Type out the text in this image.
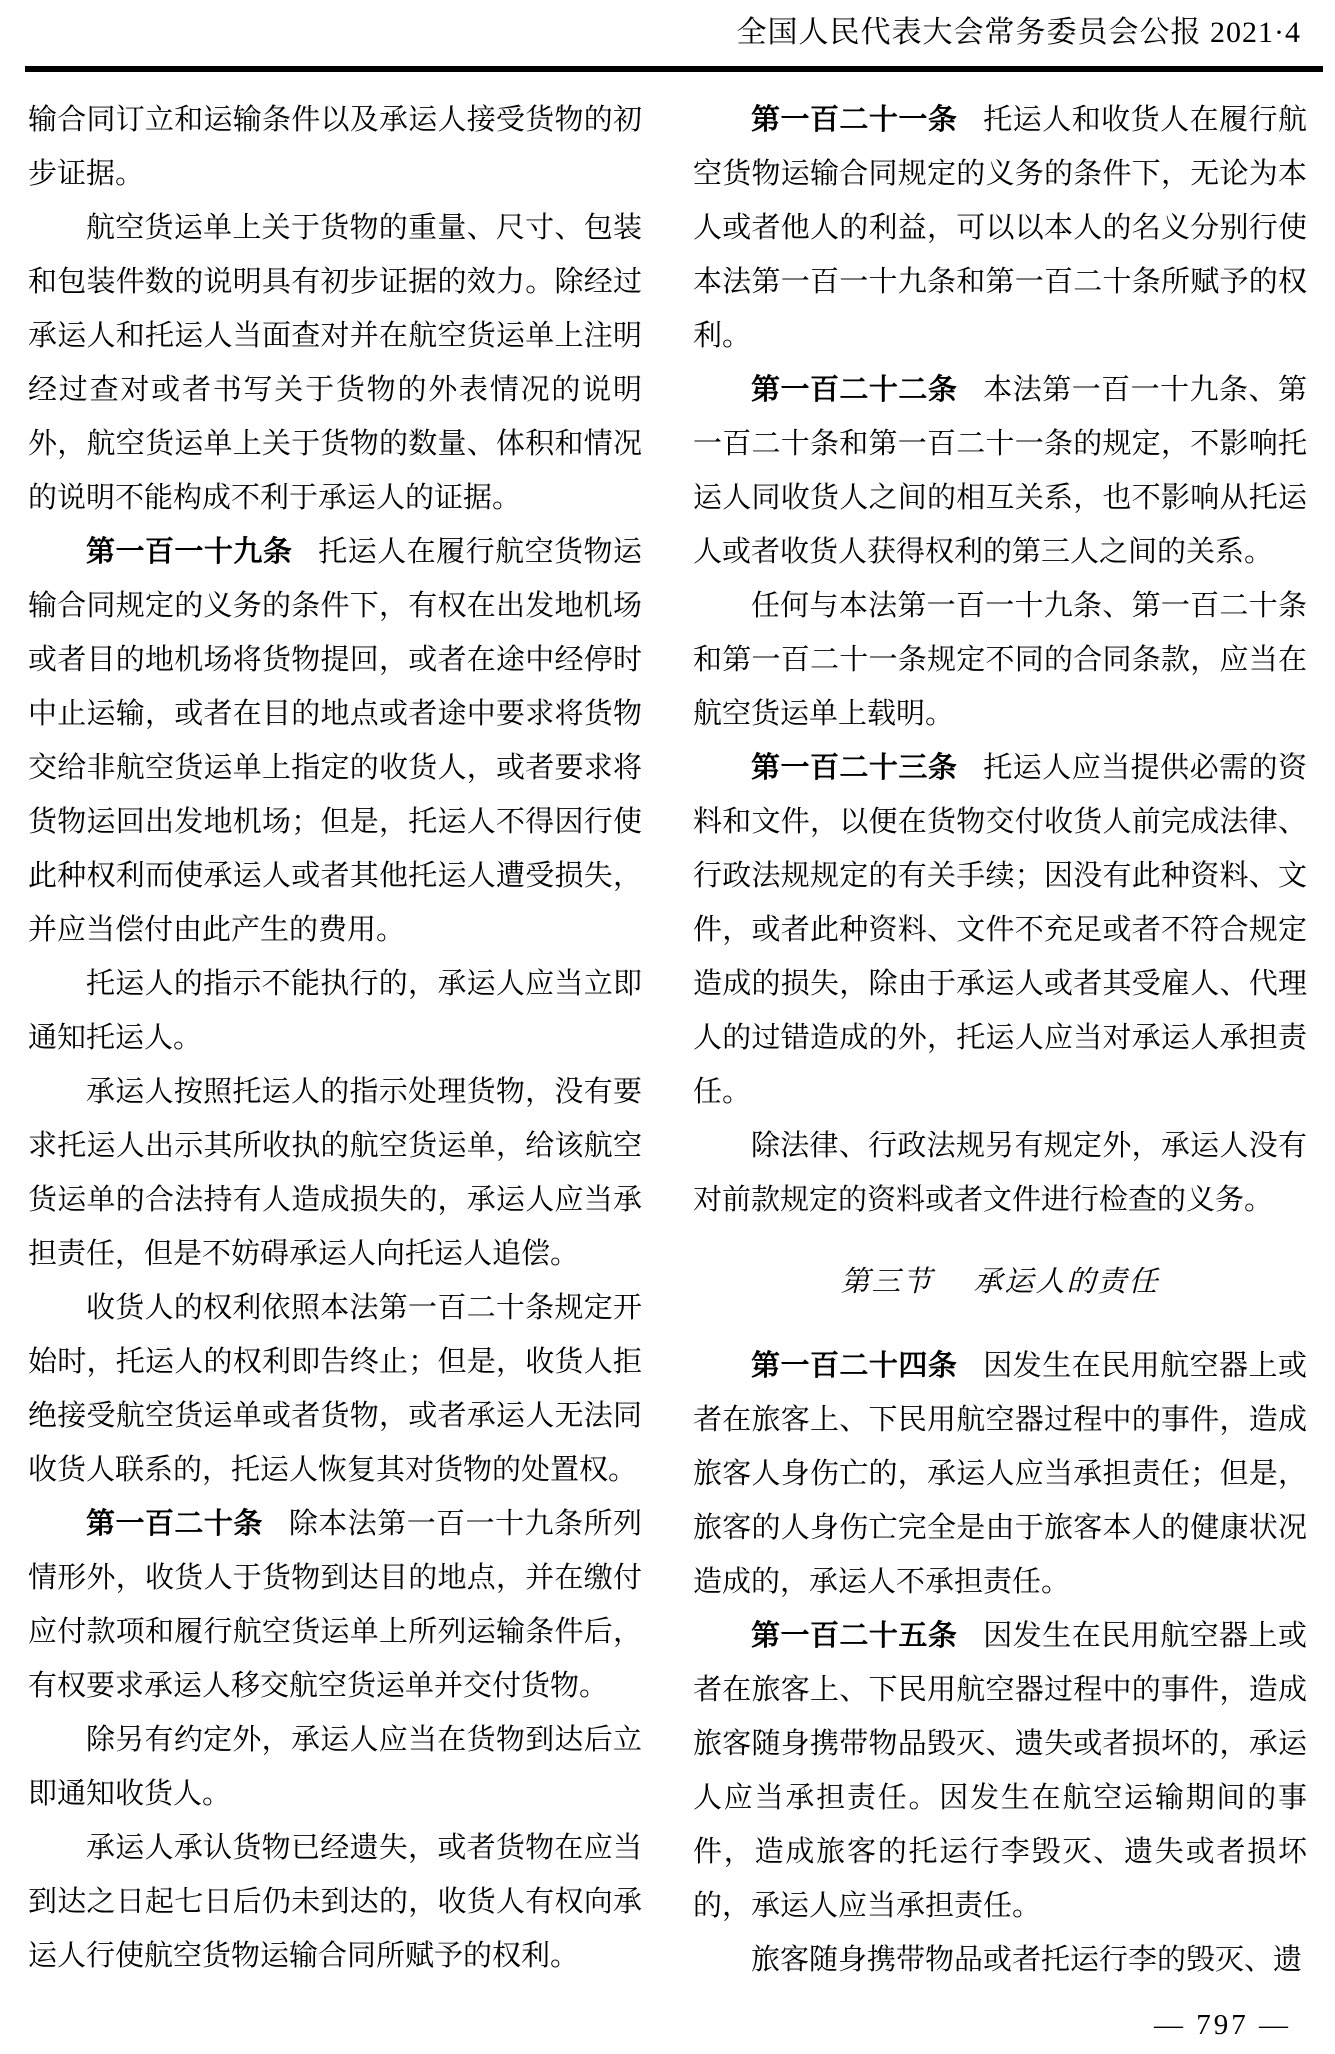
全国人民代表大会常务委员会公报 2021·4

输合同订立和运输条件以及承运人接受货物的初步证据。

航空货运单上关于货物的重量、尺寸、包装和包装件数的说明具有初步证据的效力。除经过承运人和托运人当面查对并在航空货运单上注明经过查对或者书写关于货物的外表情况的说明外，航空货运单上关于货物的数量、体积和情况的说明不能构成不利于承运人的证据。

第一百一十九条 托运人在履行航空货物运输合同规定的义务的条件下，有权在出发地机场或者目的地机场将货物提回，或者在途中经停时中止运输，或者在目的地点或者途中要求将货物交给非航空货运单上指定的收货人，或者要求将货物运回出发地机场；但是，托运人不得因行使此种权利而使承运人或者其他托运人遭受损失，并应当偿付由此产生的费用。

托运人的指示不能执行的，承运人应当立即通知托运人。

承运人按照托运人的指示处理货物，没有要求托运人出示其所收执的航空货运单，给该航空货运单的合法持有人造成损失的，承运人应当承担责任，但是不妨碍承运人向托运人追偿。

收货人的权利依照本法第一百二十条规定开始时，托运人的权利即告终止；但是，收货人拒绝接受航空货运单或者货物，或者承运人无法同收货人联系的，托运人恢复其对货物的处置权。

第一百二十条 除本法第一百一十九条所列情形外，收货人于货物到达目的地点，并在缴付应付款项和履行航空货运单上所列运输条件后，有权要求承运人移交航空货运单并交付货物。

除另有约定外，承运人应当在货物到达后立即通知收货人。

承运人承认货物已经遗失，或者货物在应当到达之日起七日后仍未到达的，收货人有权向承运人行使航空货物运输合同所赋予的权利。

第一百二十一条 托运人和收货人在履行航空货物运输合同规定的义务的条件下，无论为本人或者他人的利益，可以以本人的名义分别行使本法第一百一十九条和第一百二十条所赋予的权利。

第一百二十二条 本法第一百一十九条、第一百二十条和第一百二十一条的规定，不影响托运人同收货人之间的相互关系，也不影响从托运人或者收货人获得权利的第三人之间的关系。

任何与本法第一百一十九条、第一百二十条和第一百二十一条规定不同的合同条款，应当在航空货运单上载明。

第一百二十三条 托运人应当提供必需的资料和文件，以便在货物交付收货人前完成法律、行政法规规定的有关手续；因没有此种资料、文件，或者此种资料、文件不充足或者不符合规定造成的损失，除由于承运人或者其受雇人、代理人的过错造成的外，托运人应当对承运人承担责任。

除法律、行政法规另有规定外，承运人没有对前款规定的资料或者文件进行检查的义务。

第三节 承运人的责任

第一百二十四条 因发生在民用航空器上或者在旅客上、下民用航空器过程中的事件，造成旅客人身伤亡的，承运人应当承担责任；但是，旅客的人身伤亡完全是由于旅客本人的健康状况造成的，承运人不承担责任。

第一百二十五条 因发生在民用航空器上或者在旅客上、下民用航空器过程中的事件，造成旅客随身携带物品毁灭、遗失或者损坏的，承运人应当承担责任。因发生在航空运输期间的事件，造成旅客的托运行李毁灭、遗失或者损坏的，承运人应当承担责任。

旅客随身携带物品或者托运行李的毁灭、遗

— 797 —
